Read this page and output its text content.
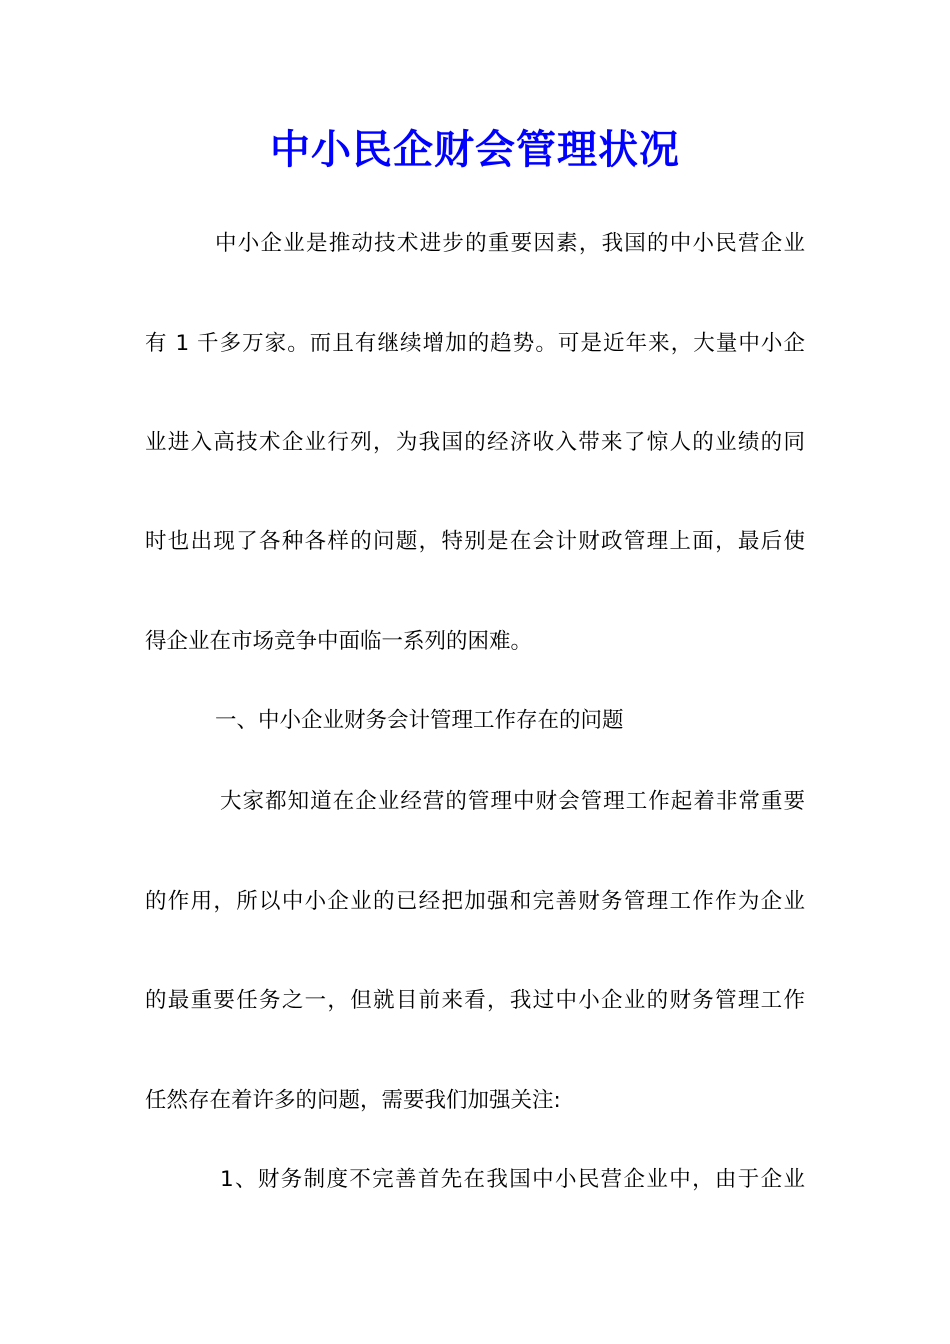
中小民企财会管理状况
中小企业是推动技术进步的重要因素，我国的中小民营企业
有 1 千多万家。而且有继续增加的趋势。可是近年来，大量中小企
业进入高技术企业行列，为我国的经济收入带来了惊人的业绩的同
时也出现了各种各样的问题，特别是在会计财政管理上面，最后使
得企业在市场竞争中面临一系列的困难。
一、中小企业财务会计管理工作存在的问题
大家都知道在企业经营的管理中财会管理工作起着非常重要
的作用，所以中小企业的已经把加强和完善财务管理工作作为企业
的最重要任务之一，但就目前来看，我过中小企业的财务管理工作
任然存在着许多的问题，需要我们加强关注:
1、财务制度不完善首先在我国中小民营企业中，由于企业
